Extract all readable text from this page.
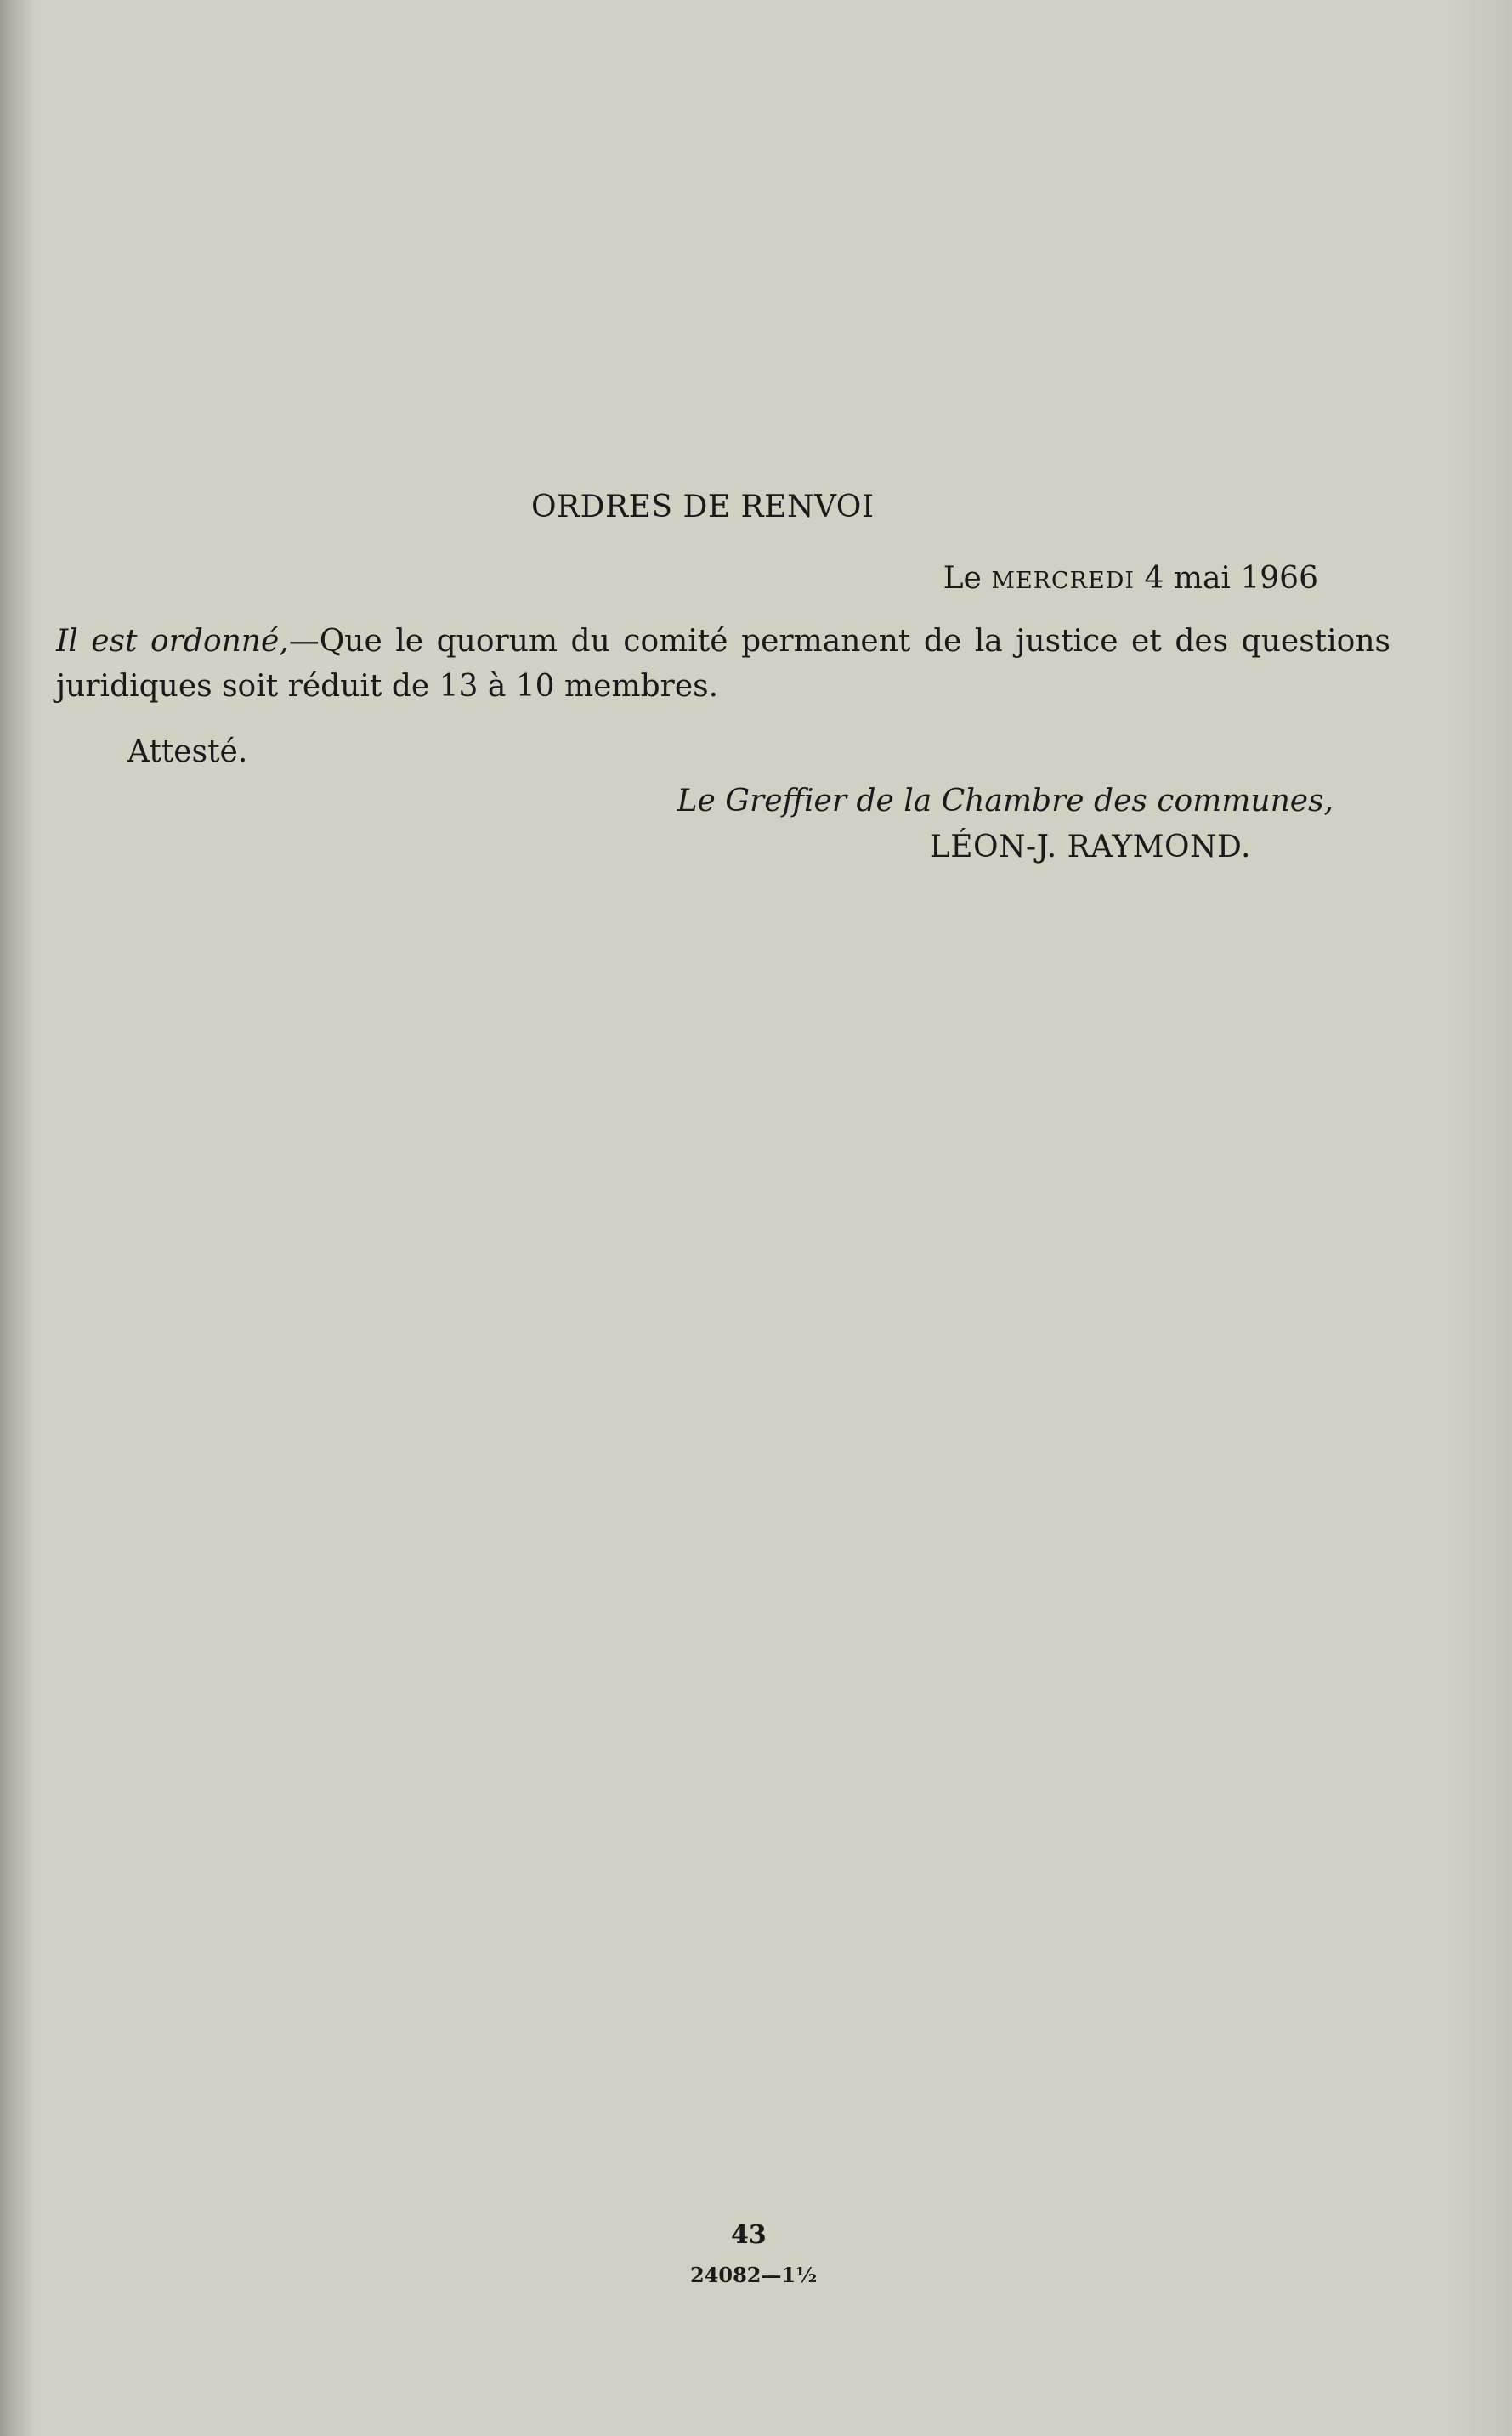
ORDRES DE RENVOI
Le MERCREDI 4 mai 1966
Il est ordonné,—Que le quorum du comité permanent de la justice et des questions juridiques soit réduit de 13 à 10 membres.
Attesté.
Le Greffier de la Chambre des communes,
LÉON-J. RAYMOND.
43
24082—1½
